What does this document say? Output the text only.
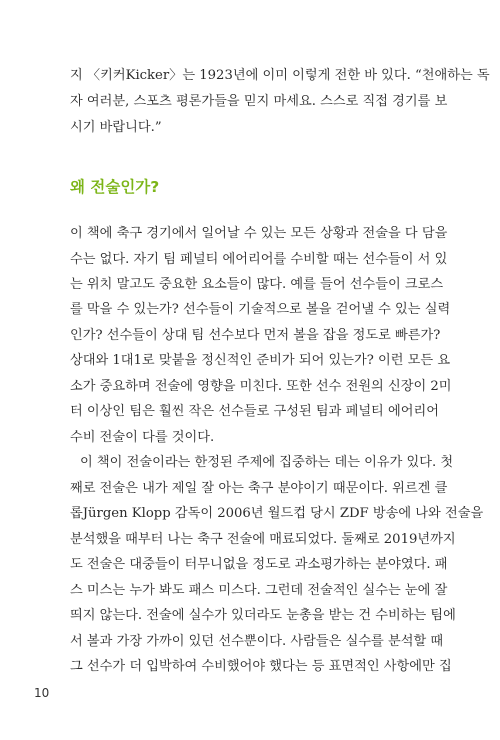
지 〈키커Kicker〉는 1923년에 이미 이렇게 전한 바 있다. “천애하는 독
자 여러분, 스포츠 평론가들을 믿지 마세요. 스스로 직접 경기를 보
시기 바랍니다.”
왜 전술인가?
이 책에 축구 경기에서 일어날 수 있는 모든 상황과 전술을 다 담을
수는 없다. 자기 팀 페널티 에어리어를 수비할 때는 선수들이 서 있
는 위치 말고도 중요한 요소들이 많다. 예를 들어 선수들이 크로스
를 막을 수 있는가? 선수들이 기술적으로 볼을 걷어낼 수 있는 실력
인가? 선수들이 상대 팀 선수보다 먼저 볼을 잡을 정도로 빠른가?
상대와 1대1로 맞붙을 정신적인 준비가 되어 있는가? 이런 모든 요
소가 중요하며 전술에 영향을 미친다. 또한 선수 전원의 신장이 2미
터 이상인 팀은 훨씬 작은 선수들로 구성된 팀과 페널티 에어리어
수비 전술이 다를 것이다.
이 책이 전술이라는 한정된 주제에 집중하는 데는 이유가 있다. 첫
째로 전술은 내가 제일 잘 아는 축구 분야이기 때문이다. 위르겐 클
롭Jürgen Klopp 감독이 2006년 월드컵 당시 ZDF 방송에 나와 전술을
분석했을 때부터 나는 축구 전술에 매료되었다. 둘째로 2019년까지
도 전술은 대중들이 터무니없을 정도로 과소평가하는 분야였다. 패
스 미스는 누가 봐도 패스 미스다. 그런데 전술적인 실수는 눈에 잘
띄지 않는다. 전술에 실수가 있더라도 눈총을 받는 건 수비하는 팀에
서 볼과 가장 가까이 있던 선수뿐이다. 사람들은 실수를 분석할 때
그 선수가 더 입박하여 수비했어야 했다는 등 표면적인 사항에만 집
10
